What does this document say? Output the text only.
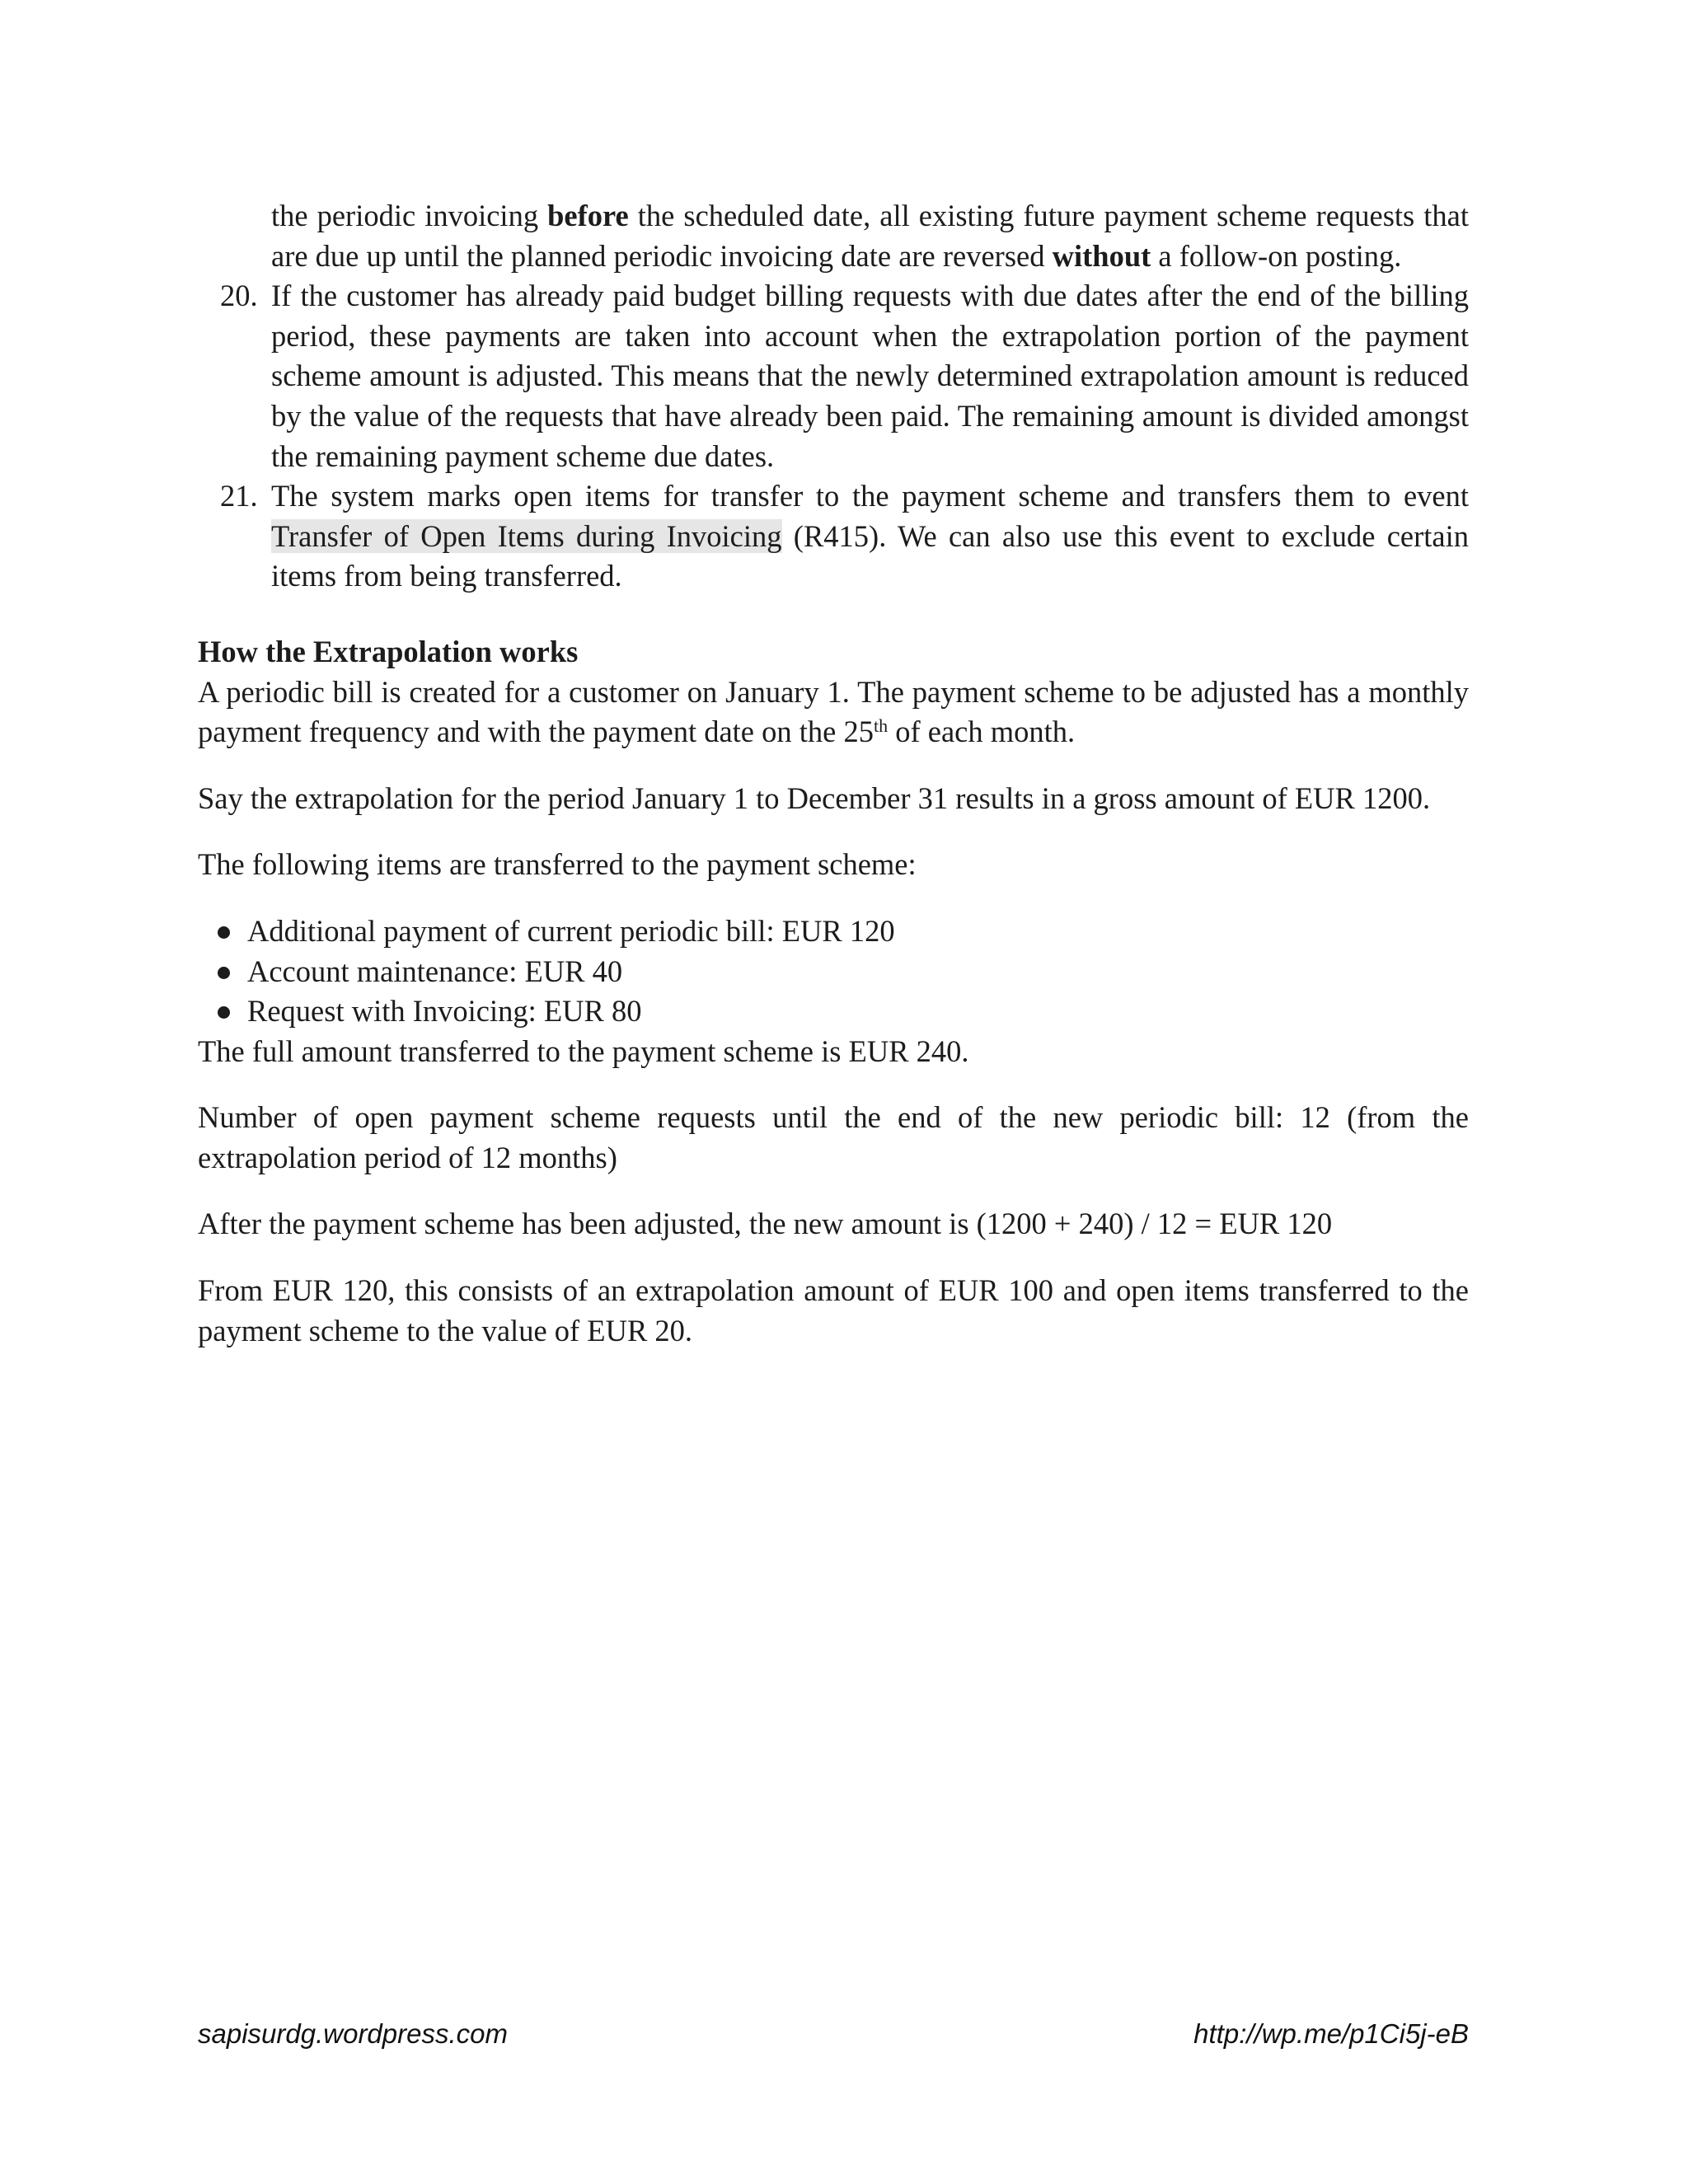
the periodic invoicing before the scheduled date, all existing future payment scheme requests that are due up until the planned periodic invoicing date are reversed without a follow-on posting.
20. If the customer has already paid budget billing requests with due dates after the end of the billing period, these payments are taken into account when the extrapolation portion of the payment scheme amount is adjusted. This means that the newly determined extrapolation amount is reduced by the value of the requests that have already been paid. The remaining amount is divided amongst the remaining payment scheme due dates.
21. The system marks open items for transfer to the payment scheme and transfers them to event Transfer of Open Items during Invoicing (R415). We can also use this event to exclude certain items from being transferred.
How the Extrapolation works

A periodic bill is created for a customer on January 1. The payment scheme to be adjusted has a monthly payment frequency and with the payment date on the 25th of each month.

Say the extrapolation for the period January 1 to December 31 results in a gross amount of EUR 1200.

The following items are transferred to the payment scheme:

Additional payment of current periodic bill: EUR 120
Account maintenance: EUR 40
Request with Invoicing: EUR 80

The full amount transferred to the payment scheme is EUR 240.

Number of open payment scheme requests until the end of the new periodic bill: 12 (from the extrapolation period of 12 months)

After the payment scheme has been adjusted, the new amount is (1200 + 240) / 12 = EUR 120

From EUR 120, this consists of an extrapolation amount of EUR 100 and open items transferred to the payment scheme to the value of EUR 20.

sapisurdg.wordpress.com	http://wp.me/p1Ci5j-eB
